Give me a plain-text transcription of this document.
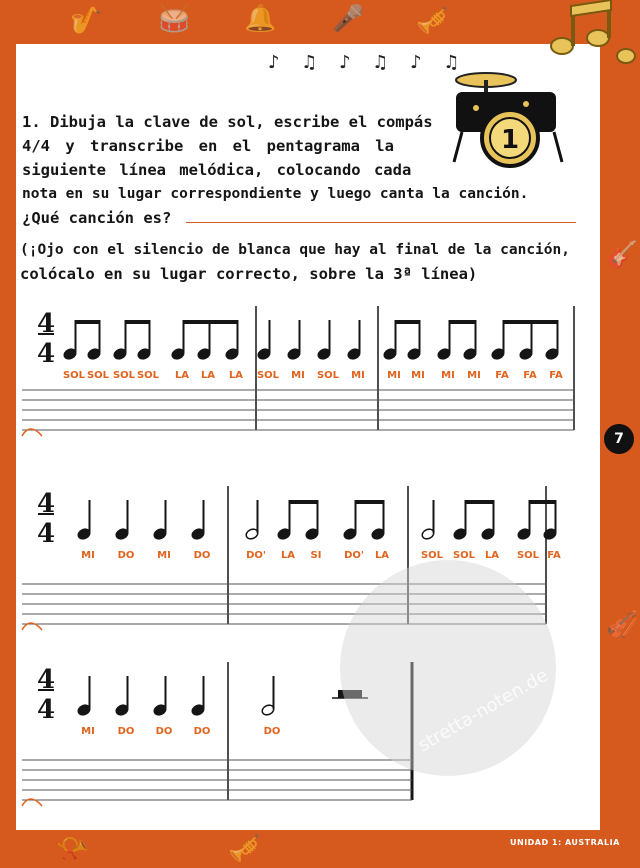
🎷 🥁 🔔 🎤 🎺
♪ ♫ ♪ ♫ ♪ ♫
1
1. Dibuja la clave de sol, escribe el compás
4/4 y transcribe en el pentagrama la
siguiente línea melódica, colocando cada
nota en su lugar correspondiente y luego canta la canción.
¿Qué canción es?
(¡Ojo con el silencio de blanca que hay al final de la canción,
colócalo en su lugar correcto, sobre la 3ª línea)
4
4
SOL SOL SOL SOL LA LA LA SOL MI SOL MI MI MI MI MI FA FA FA
4
4
MI DO MI DO	DO' LA SI DO' LA	SOL SOL LA SOL FA
4
4
MI DO DO DO	DO	stretta-noten.de
7
🎻
🎸
🎺
📯	UNIDAD 1: AUSTRALIA
